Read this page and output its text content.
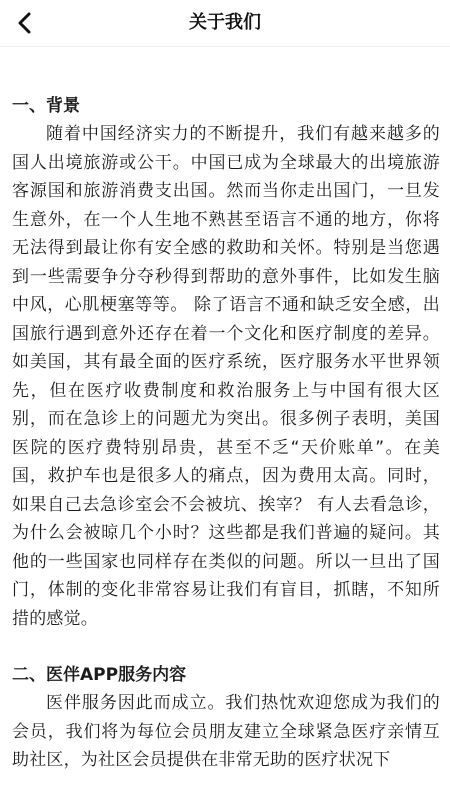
关于我们
一、背景

随着中国经济实力的不断提升，我们有越来越多的国人出境旅游或公干。中国已成为全球最大的出境旅游客源国和旅游消费支出国。然而当你走出国门，一旦发生意外，在一个人生地不熟甚至语言不通的地方，你将无法得到最让你有安全感的救助和关怀。特别是当您遇到一些需要争分夺秒得到帮助的意外事件，比如发生脑中风，心肌梗塞等等。 除了语言不通和缺乏安全感，出国旅行遇到意外还存在着一个文化和医疗制度的差异。如美国，其有最全面的医疗系统，医疗服务水平世界领先，但在医疗收费制度和救治服务上与中国有很大区别，而在急诊上的问题尤为突出。很多例子表明，美国医院的医疗费特别昂贵，甚至不乏“天价账单”。在美国，救护车也是很多人的痛点，因为费用太高。同时，如果自己去急诊室会不会被坑、挨宰？ 有人去看急诊，为什么会被晾几个小时？这些都是我们普遍的疑问。其他的一些国家也同样存在类似的问题。所以一旦出了国门，体制的变化非常容易让我们有盲目，抓瞎，不知所措的感觉。

二、医伴APP服务内容

医伴服务因此而成立。我们热忱欢迎您成为我们的会员，我们将为每位会员朋友建立全球紧急医疗亲情互助社区，为社区会员提供在非常无助的医疗状况下
